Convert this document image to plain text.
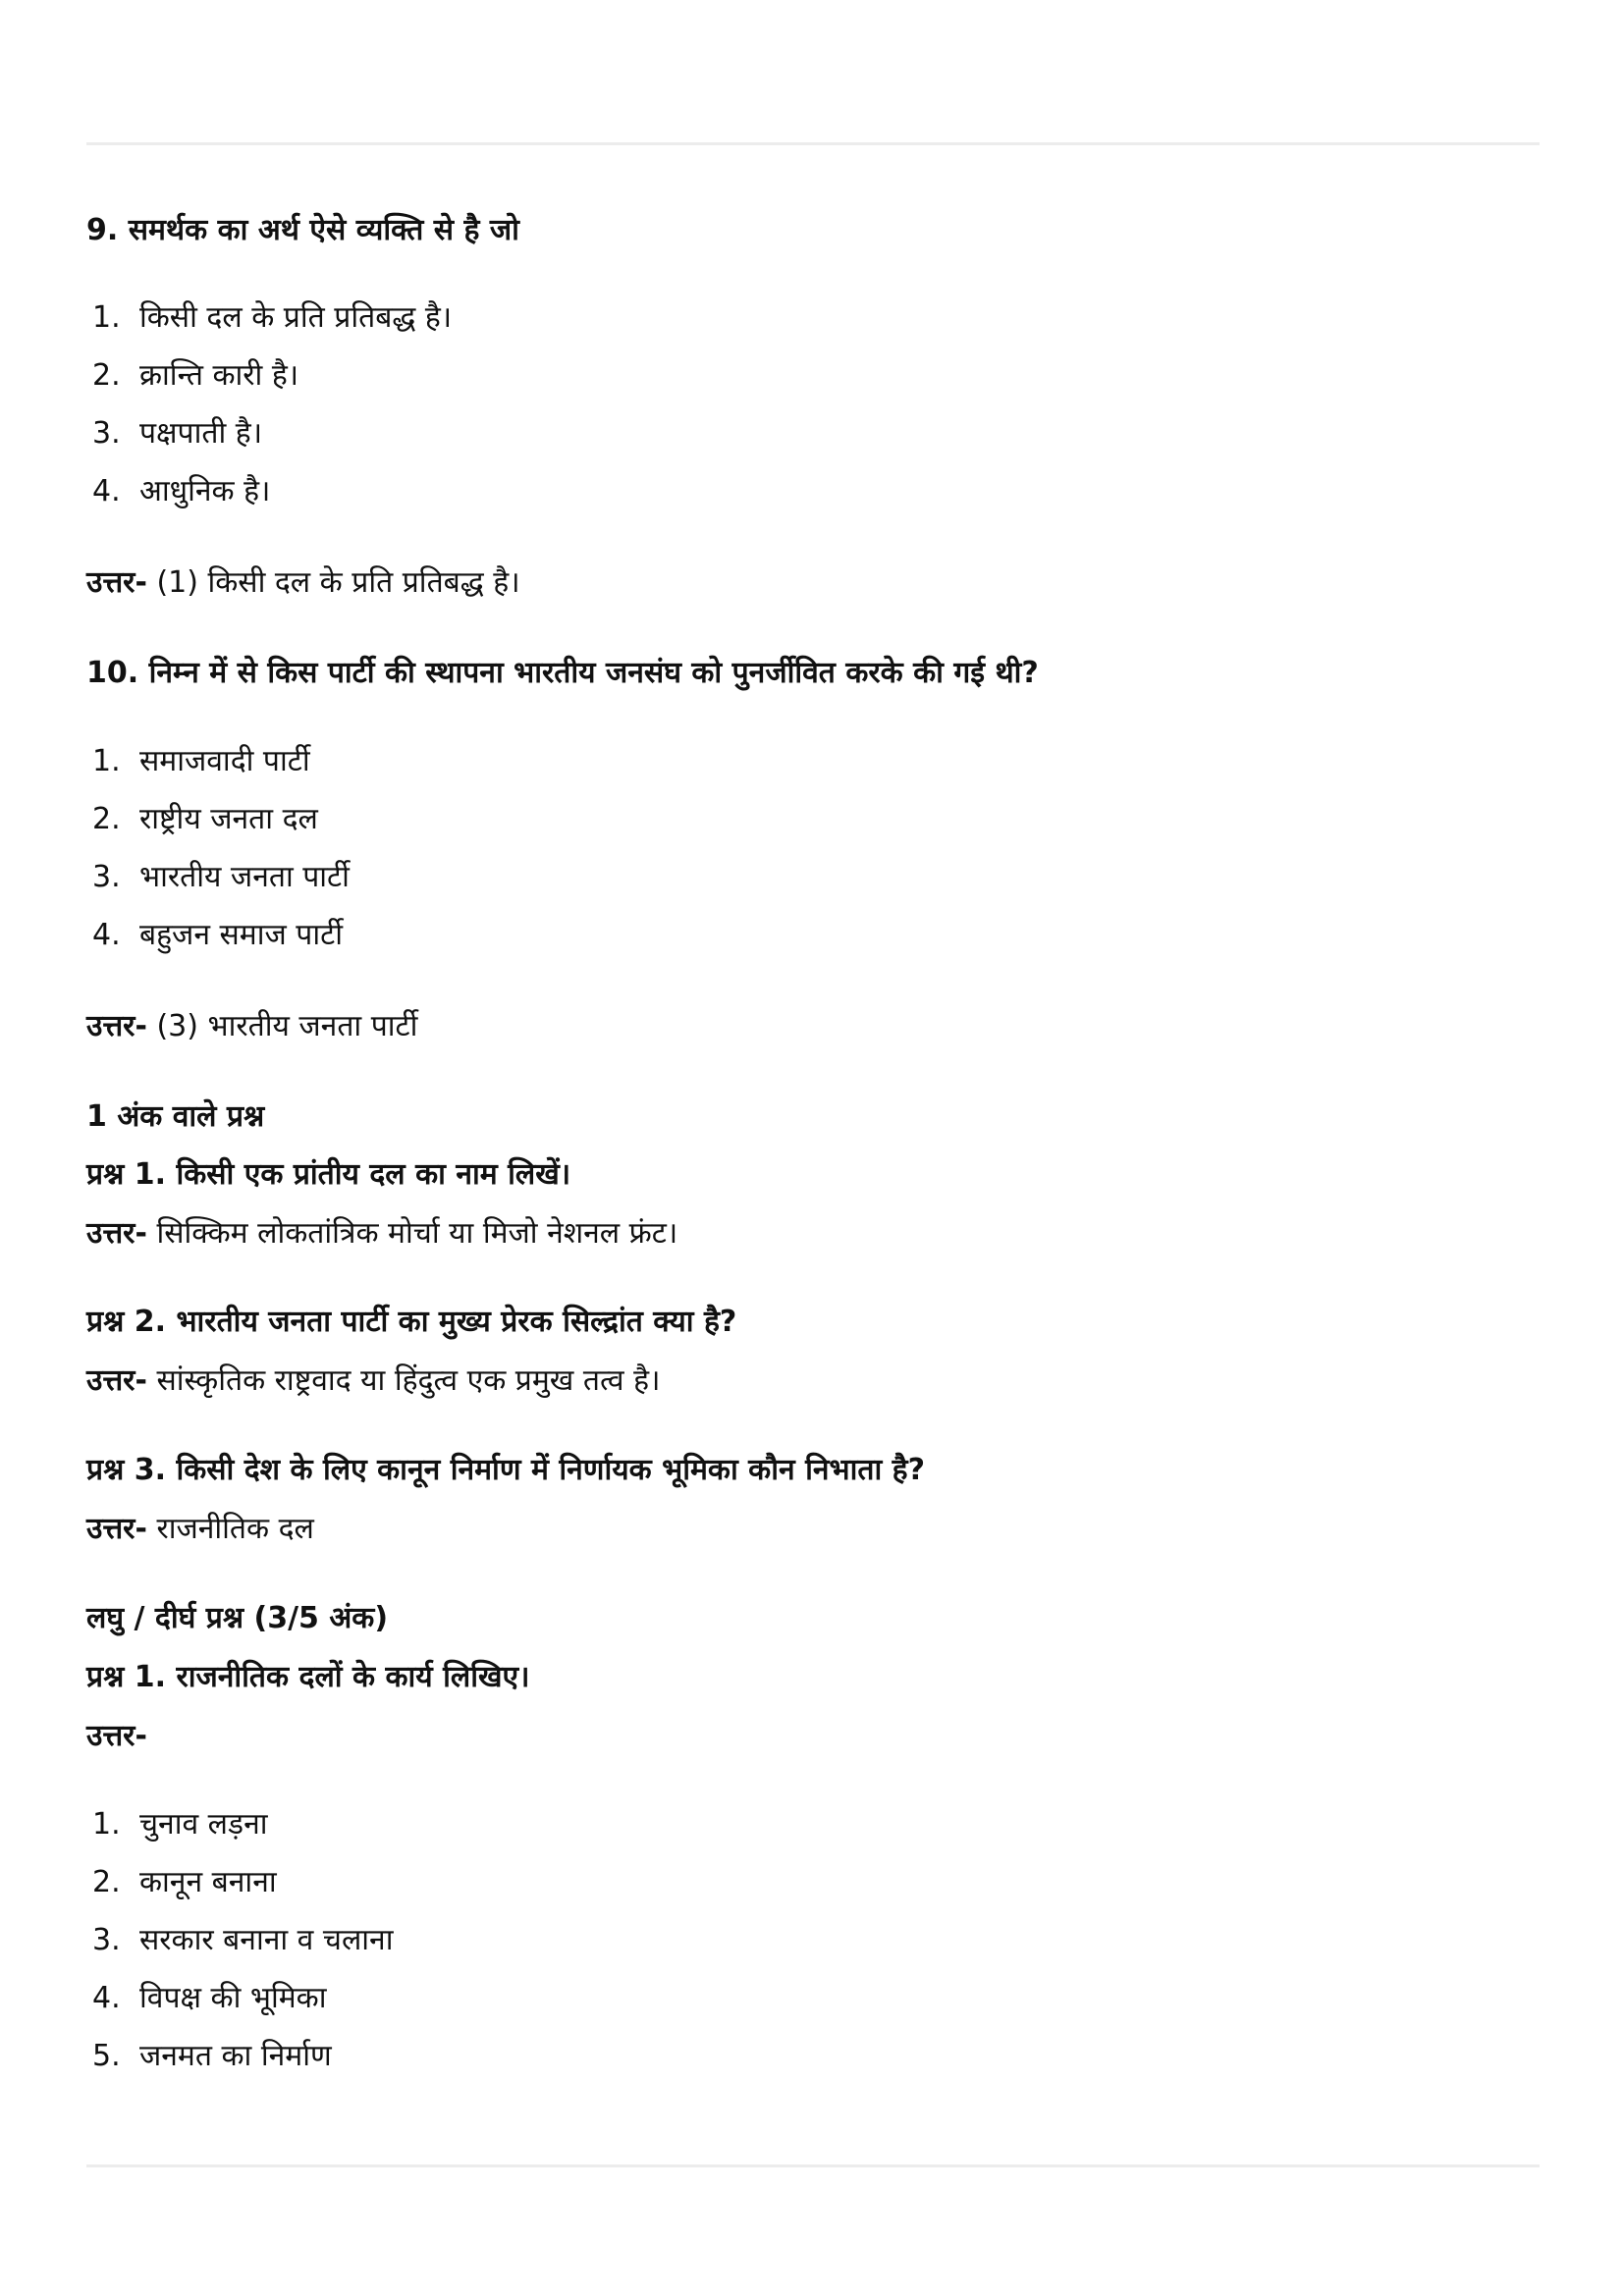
9. समर्थक का अर्थ ऐसे व्यक्ति से है जो

1. किसी दल के प्रति प्रतिबद्ध है।
2. क्रान्ति कारी है।
3. पक्षपाती है।
4. आधुनिक है।

उत्तर- (1) किसी दल के प्रति प्रतिबद्ध है।

10. निम्न में से किस पार्टी की स्थापना भारतीय जनसंघ को पुनर्जीवित करके की गई थी?

1. समाजवादी पार्टी
2. राष्ट्रीय जनता दल
3. भारतीय जनता पार्टी
4. बहुजन समाज पार्टी

उत्तर- (3) भारतीय जनता पार्टी

1 अंक वाले प्रश्न

प्रश्न 1. किसी एक प्रांतीय दल का नाम लिखें।

उत्तर- सिक्किम लोकतांत्रिक मोर्चा या मिजो नेशनल फ्रंट।

प्रश्न 2. भारतीय जनता पार्टी का मुख्य प्रेरक सिल्द्रांत क्या है?

उत्तर- सांस्कृतिक राष्ट्रवाद या हिंदुत्व एक प्रमुख तत्व है।

प्रश्न 3. किसी देश के लिए कानून निर्माण में निर्णायक भूमिका कौन निभाता है?

उत्तर- राजनीतिक दल

लघु / दीर्घ प्रश्न (3/5 अंक)

प्रश्न 1. राजनीतिक दलों के कार्य लिखिए।

उत्तर-

1. चुनाव लड़ना
2. कानून बनाना
3. सरकार बनाना व चलाना
4. विपक्ष की भूमिका
5. जनमत का निर्माण
